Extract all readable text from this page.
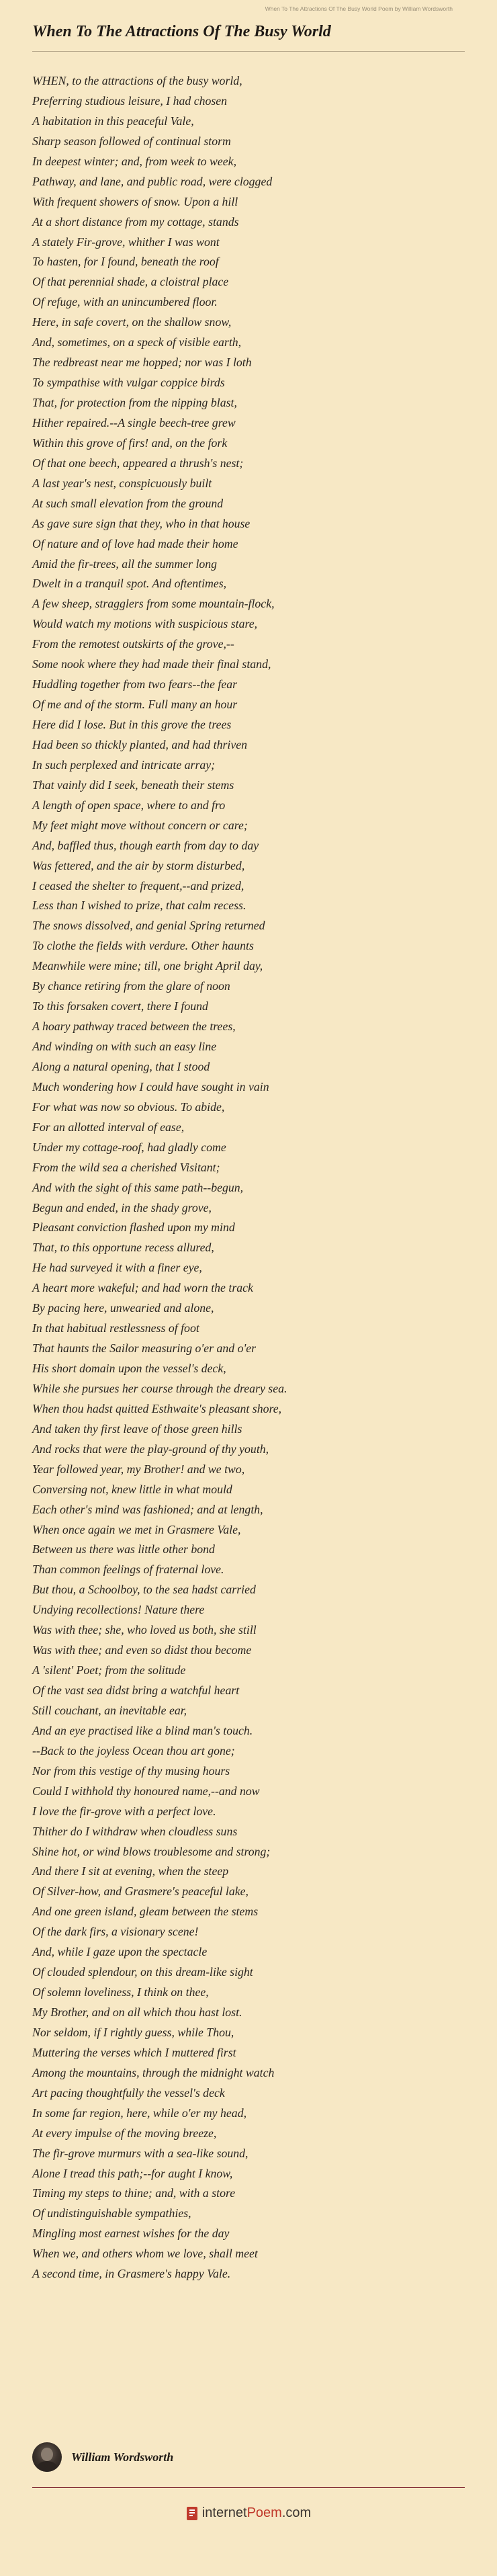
When To The Attractions Of The Busy World Poem by William Wordsworth
When To The Attractions Of The Busy World
WHEN, to the attractions of the busy world,
Preferring studious leisure, I had chosen
A habitation in this peaceful Vale,
Sharp season followed of continual storm
In deepest winter; and, from week to week,
Pathway, and lane, and public road, were clogged
With frequent showers of snow. Upon a hill
At a short distance from my cottage, stands
A stately Fir-grove, whither I was wont
To hasten, for I found, beneath the roof
Of that perennial shade, a cloistral place
Of refuge, with an unincumbered floor.
Here, in safe covert, on the shallow snow,
And, sometimes, on a speck of visible earth,
The redbreast near me hopped; nor was I loth
To sympathise with vulgar coppice birds
That, for protection from the nipping blast,
Hither repaired.--A single beech-tree grew
Within this grove of firs! and, on the fork
Of that one beech, appeared a thrush's nest;
A last year's nest, conspicuously built
At such small elevation from the ground
As gave sure sign that they, who in that house
Of nature and of love had made their home
Amid the fir-trees, all the summer long
Dwelt in a tranquil spot. And oftentimes,
A few sheep, stragglers from some mountain-flock,
Would watch my motions with suspicious stare,
From the remotest outskirts of the grove,--
Some nook where they had made their final stand,
Huddling together from two fears--the fear
Of me and of the storm. Full many an hour
Here did I lose. But in this grove the trees
Had been so thickly planted, and had thriven
In such perplexed and intricate array;
That vainly did I seek, beneath their stems
A length of open space, where to and fro
My feet might move without concern or care;
And, baffled thus, though earth from day to day
Was fettered, and the air by storm disturbed,
I ceased the shelter to frequent,--and prized,
Less than I wished to prize, that calm recess.
The snows dissolved, and genial Spring returned
To clothe the fields with verdure. Other haunts
Meanwhile were mine; till, one bright April day,
By chance retiring from the glare of noon
To this forsaken covert, there I found
A hoary pathway traced between the trees,
And winding on with such an easy line
Along a natural opening, that I stood
Much wondering how I could have sought in vain
For what was now so obvious. To abide,
For an allotted interval of ease,
Under my cottage-roof, had gladly come
From the wild sea a cherished Visitant;
And with the sight of this same path--begun,
Begun and ended, in the shady grove,
Pleasant conviction flashed upon my mind
That, to this opportune recess allured,
He had surveyed it with a finer eye,
A heart more wakeful; and had worn the track
By pacing here, unwearied and alone,
In that habitual restlessness of foot
That haunts the Sailor measuring o'er and o'er
His short domain upon the vessel's deck,
While she pursues her course through the dreary sea.
When thou hadst quitted Esthwaite's pleasant shore,
And taken thy first leave of those green hills
And rocks that were the play-ground of thy youth,
Year followed year, my Brother! and we two,
Conversing not, knew little in what mould
Each other's mind was fashioned; and at length,
When once again we met in Grasmere Vale,
Between us there was little other bond
Than common feelings of fraternal love.
But thou, a Schoolboy, to the sea hadst carried
Undying recollections! Nature there
Was with thee; she, who loved us both, she still
Was with thee; and even so didst thou become
A 'silent' Poet; from the solitude
Of the vast sea didst bring a watchful heart
Still couchant, an inevitable ear,
And an eye practised like a blind man's touch.
--Back to the joyless Ocean thou art gone;
Nor from this vestige of thy musing hours
Could I withhold thy honoured name,--and now
I love the fir-grove with a perfect love.
Thither do I withdraw when cloudless suns
Shine hot, or wind blows troublesome and strong;
And there I sit at evening, when the steep
Of Silver-how, and Grasmere's peaceful lake,
And one green island, gleam between the stems
Of the dark firs, a visionary scene!
And, while I gaze upon the spectacle
Of clouded splendour, on this dream-like sight
Of solemn loveliness, I think on thee,
My Brother, and on all which thou hast lost.
Nor seldom, if I rightly guess, while Thou,
Muttering the verses which I muttered first
Among the mountains, through the midnight watch
Art pacing thoughtfully the vessel's deck
In some far region, here, while o'er my head,
At every impulse of the moving breeze,
The fir-grove murmurs with a sea-like sound,
Alone I tread this path;--for aught I know,
Timing my steps to thine; and, with a store
Of undistinguishable sympathies,
Mingling most earnest wishes for the day
When we, and others whom we love, shall meet
A second time, in Grasmere's happy Vale.
William Wordsworth
internetPoem.com
